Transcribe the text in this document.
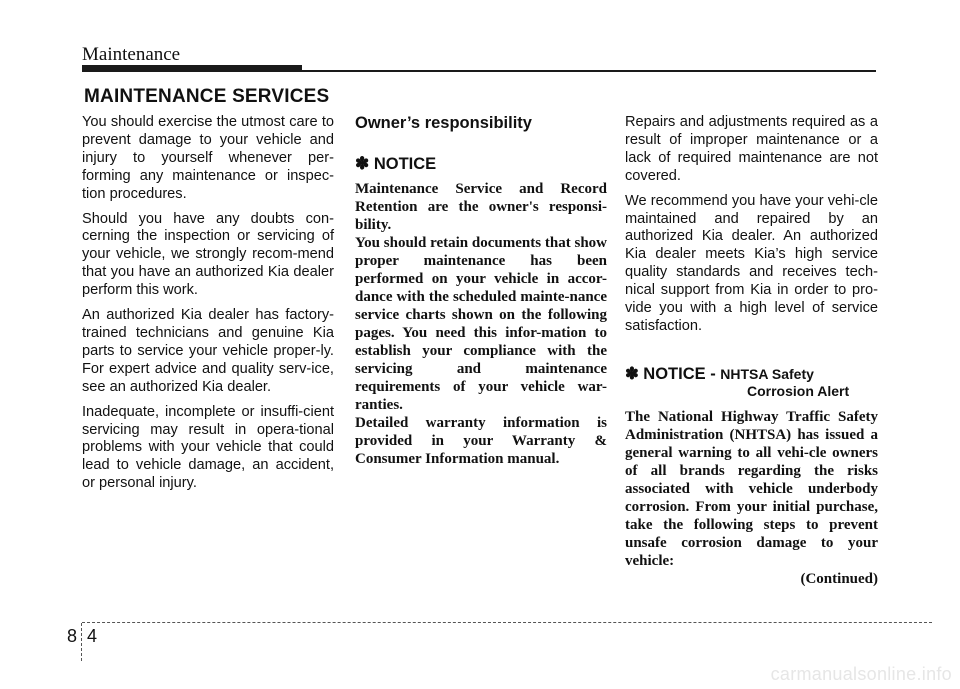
Maintenance
MAINTENANCE SERVICES

You should exercise the utmost care to prevent damage to your vehicle and injury to yourself whenever per-forming any maintenance or inspec-tion procedures.

Should you have any doubts con-cerning the inspection or servicing of your vehicle, we strongly recom-mend that you have an authorized Kia dealer perform this work.

An authorized Kia dealer has factory-trained technicians and genuine Kia parts to service your vehicle proper-ly. For expert advice and quality serv-ice, see an authorized Kia dealer.

Inadequate, incomplete or insuffi-cient servicing may result in opera-tional problems with your vehicle that could lead to vehicle damage, an accident, or personal injury.

Owner’s responsibility
✽ NOTICE

Maintenance Service and Record Retention are the owner's responsi-bility.

You should retain documents that show proper maintenance has been performed on your vehicle in accor-dance with the scheduled mainte-nance service charts shown on the following pages. You need this infor-mation to establish your compliance with the servicing and maintenance requirements of your vehicle war-ranties.

Detailed warranty information is provided in your Warranty & Consumer Information manual.

Repairs and adjustments required as a result of improper maintenance or a lack of required maintenance are not covered.

We recommend you have your vehi-cle maintained and repaired by an authorized Kia dealer. An authorized Kia dealer meets Kia’s high service quality standards and receives tech-nical support from Kia in order to pro-vide you with a high level of service satisfaction.

✽ NOTICE - NHTSA Safety
Corrosion Alert

The National Highway Traffic Safety Administration (NHTSA) has issued a general warning to all vehi-cle owners of all brands regarding the risks associated with vehicle underbody corrosion. From your initial purchase, take the following steps to prevent unsafe corrosion damage to your vehicle:

(Continued)

8 4
carmanualsonline.info
